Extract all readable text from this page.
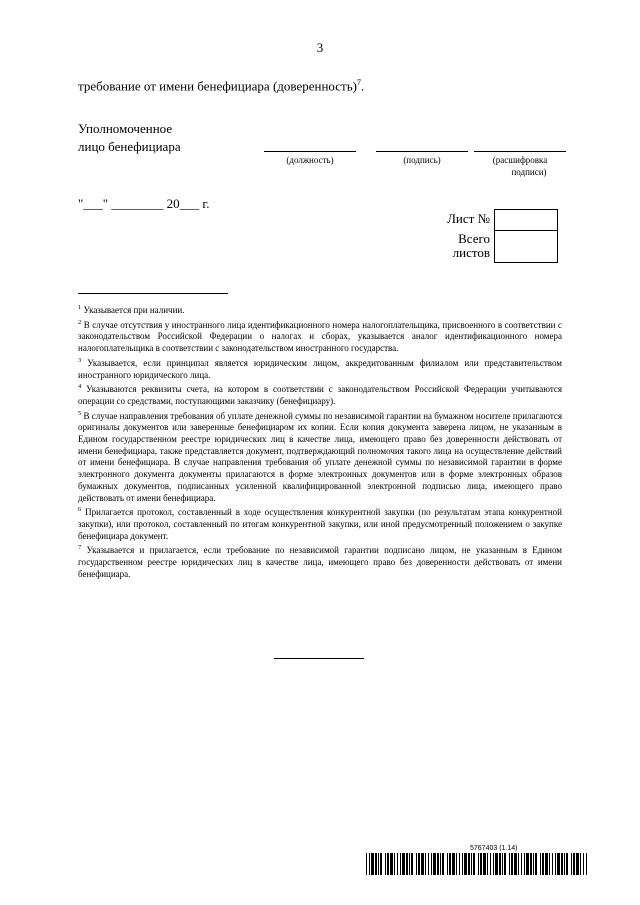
3
требование от имени бенефициара (доверенность)$^7$.
Уполномоченное
лицо бенефициара
(должность)	(подпись)	(расшифровка
подписи)
"___" ________ 20___ г.
Лист №
Всего
листов

$^1$ Указывается при наличии.

$^2$ В случае отсутствия у иностранного лица идентификационного номера налогоплательщика, присвоенного в соответствии с законодательством Российской Федерации о налогах и сборах, указывается аналог идентификационного номера налогоплательщика в соответствии с законодательством иностранного государства.

$^3$ Указывается, если принципал является юридическим лицом, аккредитованным филиалом или представительством иностранного юридического лица.

$^4$ Указываются реквизиты счета, на котором в соответствии с законодательством Российской Федерации учитываются операции со средствами, поступающими заказчику (бенефициару).

$^5$ В случае направления требования об уплате денежной суммы по независимой гарантии на бумажном носителе прилагаются оригиналы документов или заверенные бенефициаром их копии. Если копия документа заверена лицом, не указанным в Едином государственном реестре юридических лиц в качестве лица, имеющего право без доверенности действовать от имени бенефициара, также представляется документ, подтверждающий полномочия такого лица на осуществление действий от имени бенефициара. В случае направления требования об уплате денежной суммы по независимой гарантии в форме электронного документа документы прилагаются в форме электронных документов или в форме электронных образов бумажных документов, подписанных усиленной квалифицированной электронной подписью лица, имеющего право действовать от имени бенефициара.

$^6$ Прилагается протокол, составленный в ходе осуществления конкурентной закупки (по результатам этапа конкурентной закупки), или протокол, составленный по итогам конкурентной закупки, или иной предусмотренный положением о закупке бенефициара документ.

$^7$ Указывается и прилагается, если требование по независимой гарантии подписано лицом, не указанным в Едином государственном реестре юридических лиц в качестве лица, имеющего право без доверенности действовать от имени бенефициара.

5767403 (1.14)
